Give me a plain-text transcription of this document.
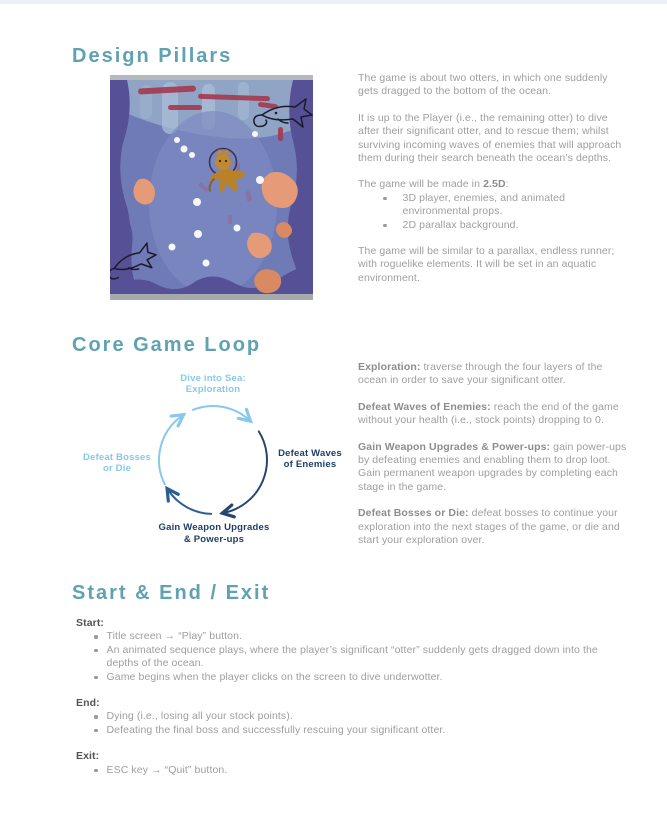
Design Pillars

The game is about two otters, in which one suddenly gets dragged to the bottom of the ocean.

It is up to the Player (i.e., the remaining otter) to dive after their significant otter, and to rescue them; whilst surviving incoming waves of enemies that will approach them during their search beneath the ocean’s depths.

The game will be made in 2.5D:

3D player, enemies, and animated environmental props.
2D parallax background.

The game will be similar to a parallax, endless runner; with roguelike elements. It will be set in an aquatic environment.

Core Game Loop
Dive into Sea:
Exploration
Defeat Waves
of Enemies
Gain Weapon Upgrades
& Power-ups
Defeat Bosses
or Die

Exploration: traverse through the four layers of the ocean in order to save your significant otter.

Defeat Waves of Enemies: reach the end of the game without your health (i.e., stock points) dropping to 0.

Gain Weapon Upgrades & Power-ups: gain power-ups by defeating enemies and enabling them to drop loot. Gain permanent weapon upgrades by completing each stage in the game.

Defeat Bosses or Die: defeat bosses to continue your exploration into the next stages of the game, or die and start your exploration over.

Start & End / Exit
Start:
Title screen → “Play” button.
An animated sequence plays, where the player’s significant “otter” suddenly gets dragged down into the depths of the ocean.
Game begins when the player clicks on the screen to dive underwotter.
End:
Dying (i.e., losing all your stock points).
Defeating the final boss and successfully rescuing your significant otter.
Exit:
ESC key → “Quit” button.
